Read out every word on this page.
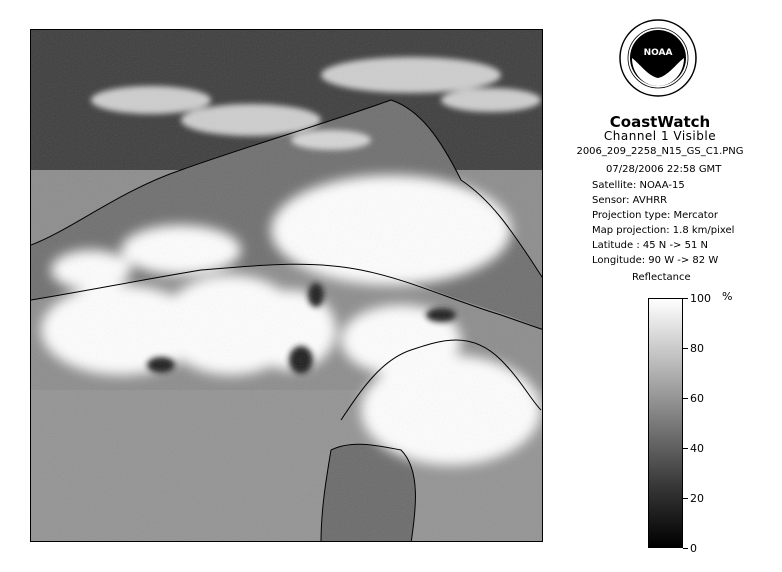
NOAA
CoastWatch
Channel 1 Visible
2006_209_2258_N15_GS_C1.PNG
07/28/2006 22:58 GMT
Satellite: NOAA-15
Sensor: AVHRR
Projection type: Mercator
Map projection: 1.8 km/pixel
Latitude : 45 N -> 51 N
Longitude: 90 W -> 82 W
Reflectance
%
100
80
60
40
20
0
